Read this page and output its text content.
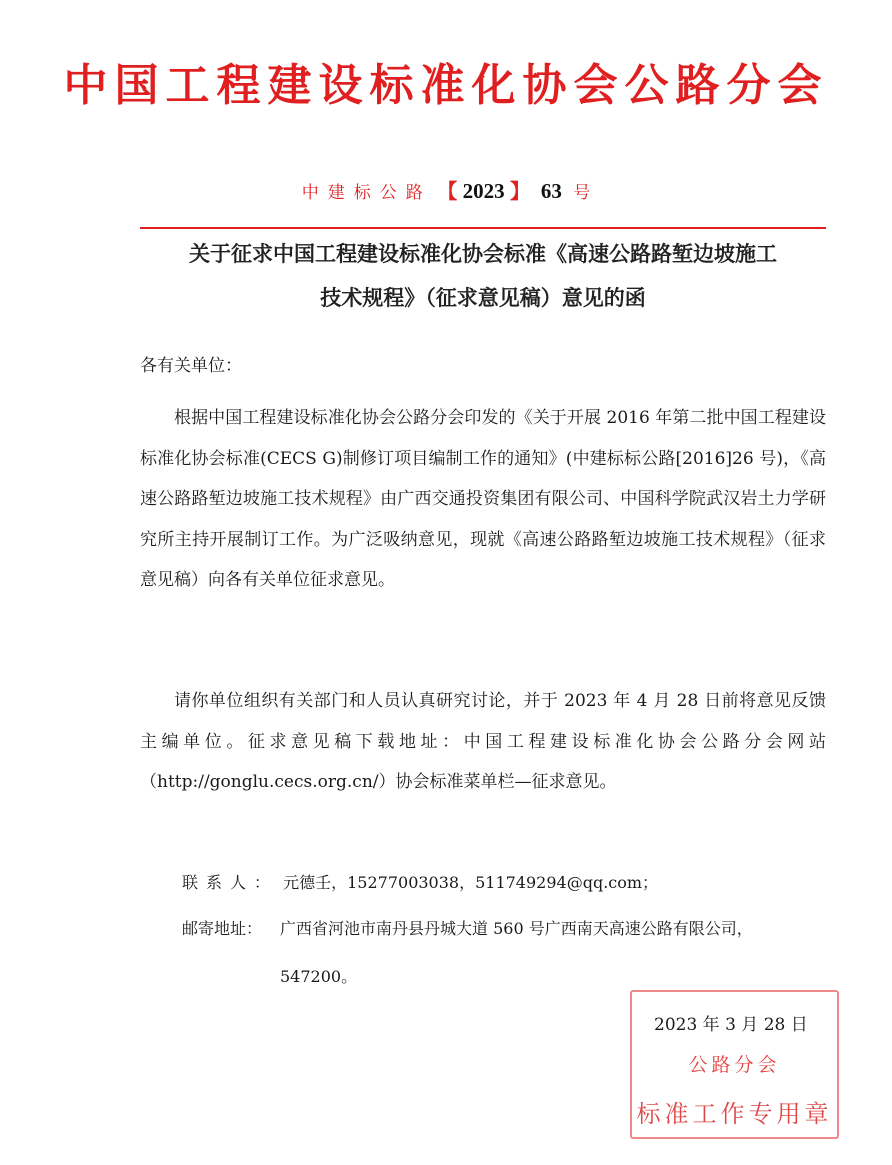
中国工程建设标准化协会公路分会
中建标公路 【 2023 】 63 号
关于征求中国工程建设标准化协会标准《高速公路路堑边坡施工
技术规程》（征求意见稿）意见的函
各有关单位：
根据中国工程建设标准化协会公路分会印发的《关于开展 2016 年第二批中国工程建设标准化协会标准(CECS G)制修订项目编制工作的通知》(中建标标公路[2016]26 号)，《高速公路路堑边坡施工技术规程》由广西交通投资集团有限公司、中国科学院武汉岩土力学研究所主持开展制订工作。为广泛吸纳意见，现就《高速公路路堑边坡施工技术规程》（征求意见稿）向各有关单位征求意见。
请你单位组织有关部门和人员认真研究讨论，并于 2023 年 4 月 28 日前将意见反馈主编单位。征求意见稿下载地址：中国工程建设标准化协会公路分会网站（http://gonglu.cecs.org.cn/）协会标准菜单栏—征求意见。
联系人： 元德壬，15277003038，511749294@qq.com；
邮寄地址：	广西省河池市南丹县丹城大道 560 号广西南天高速公路有限公司，547200。
公路分会
标准工作专用章
2023 年 3 月 28 日
